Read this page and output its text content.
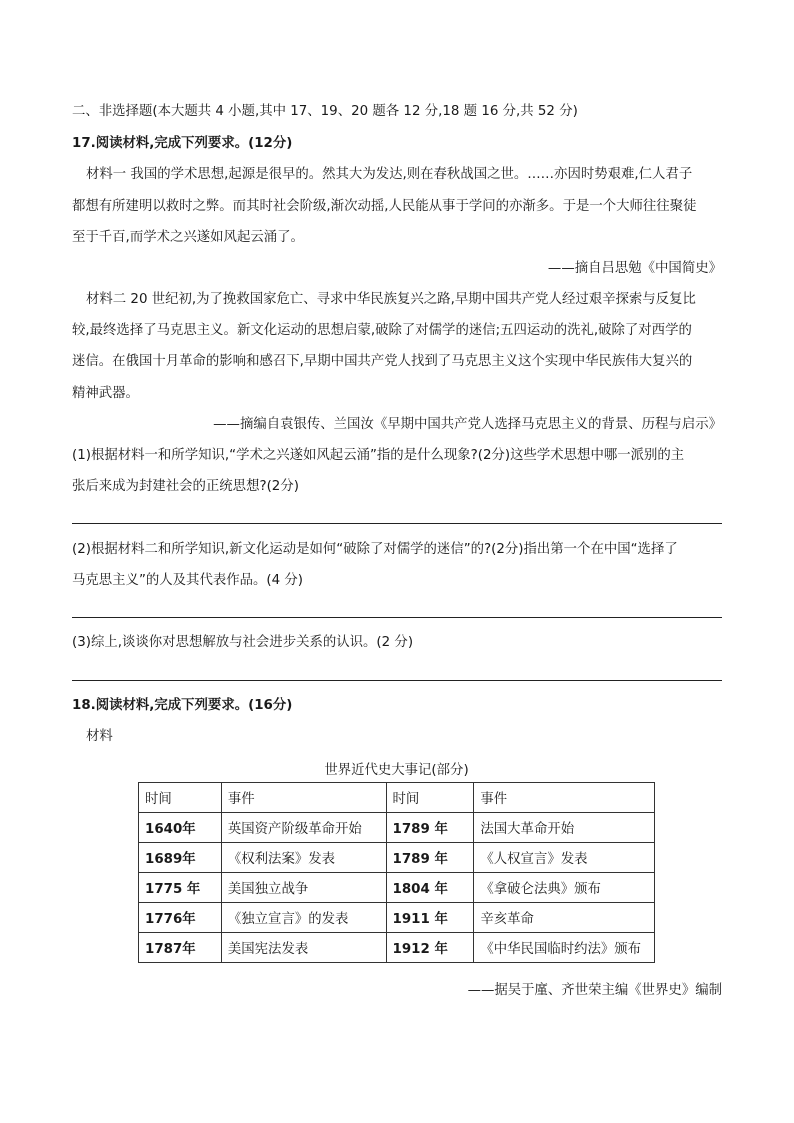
二、非选择题(本大题共 4 小题,其中 17、19、20 题各 12 分,18 题 16 分,共 52 分)
17.阅读材料,完成下列要求。(12分)
材料一 我国的学术思想,起源是很早的。然其大为发达,则在春秋战国之世。……亦因时势艰难,仁人君子
都想有所建明以救时之弊。而其时社会阶级,渐次动摇,人民能从事于学问的亦渐多。于是一个大师往往聚徒
至于千百,而学术之兴遂如风起云涌了。
——摘自吕思勉《中国简史》
材料二 20 世纪初,为了挽救国家危亡、寻求中华民族复兴之路,早期中国共产党人经过艰辛探索与反复比
较,最终选择了马克思主义。新文化运动的思想启蒙,破除了对儒学的迷信;五四运动的洗礼,破除了对西学的
迷信。在俄国十月革命的影响和感召下,早期中国共产党人找到了马克思主义这个实现中华民族伟大复兴的
精神武器。
——摘编自袁银传、兰国汝《早期中国共产党人选择马克思主义的背景、历程与启示》
(1)根据材料一和所学知识,“学术之兴遂如风起云涌”指的是什么现象?(2分)这些学术思想中哪一派别的主
张后来成为封建社会的正统思想?(2分)
(2)根据材料二和所学知识,新文化运动是如何“破除了对儒学的迷信”的?(2分)指出第一个在中国“选择了
马克思主义”的人及其代表作品。(4 分)
(3)综上,谈谈你对思想解放与社会进步关系的认识。(2 分)
18.阅读材料,完成下列要求。(16分)
材料
世界近代史大事记(部分)
时间	事件	时间	事件
1640年	英国资产阶级革命开始	1789 年	法国大革命开始
1689年	《权利法案》发表	1789 年	《人权宣言》发表
1775 年	美国独立战争	1804 年	《拿破仑法典》颁布
1776年	《独立宣言》的发表	1911 年	辛亥革命
1787年	美国宪法发表	1912 年	《中华民国临时约法》颁布
——据吴于廑、齐世荣主编《世界史》编制
